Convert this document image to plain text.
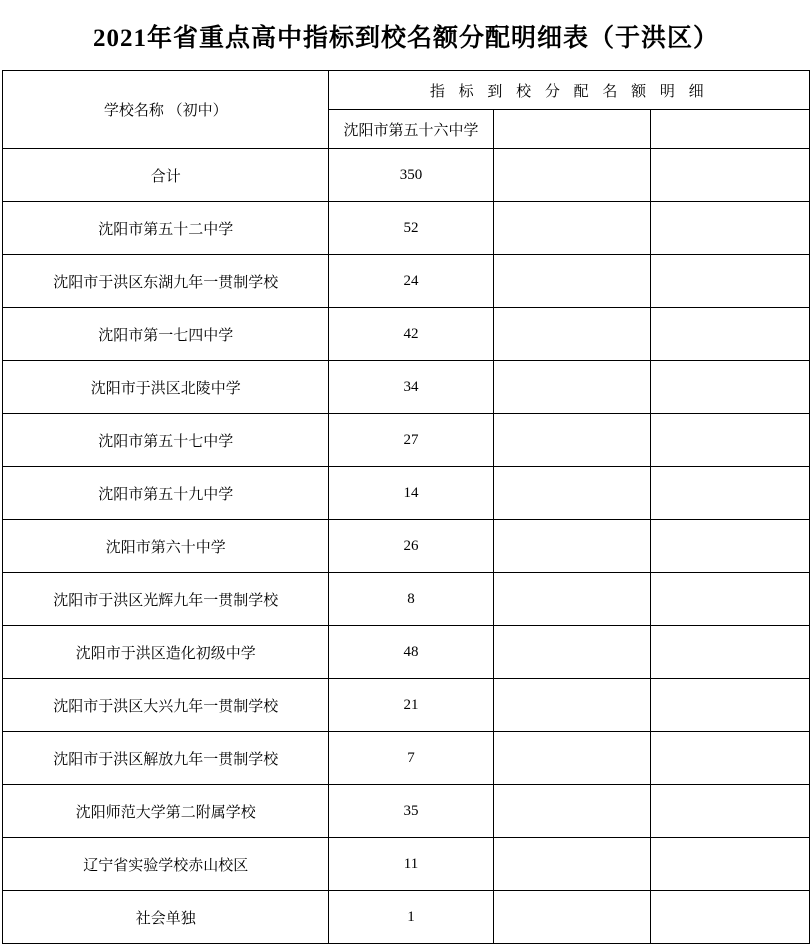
2021年省重点高中指标到校名额分配明细表（于洪区）
学校名称 （初中）	指 标 到 校 分 配 名 额 明 细		
	沈阳市第五十六中学		
合计	350		
沈阳市第五十二中学	52		
沈阳市于洪区东湖九年一贯制学校	24		
沈阳市第一七四中学	42		
沈阳市于洪区北陵中学	34		
沈阳市第五十七中学	27		
沈阳市第五十九中学	14		
沈阳市第六十中学	26		
沈阳市于洪区光辉九年一贯制学校	8		
沈阳市于洪区造化初级中学	48		
沈阳市于洪区大兴九年一贯制学校	21		
沈阳市于洪区解放九年一贯制学校	7		
沈阳师范大学第二附属学校	35		
辽宁省实验学校赤山校区	11		
社会单独	1		
